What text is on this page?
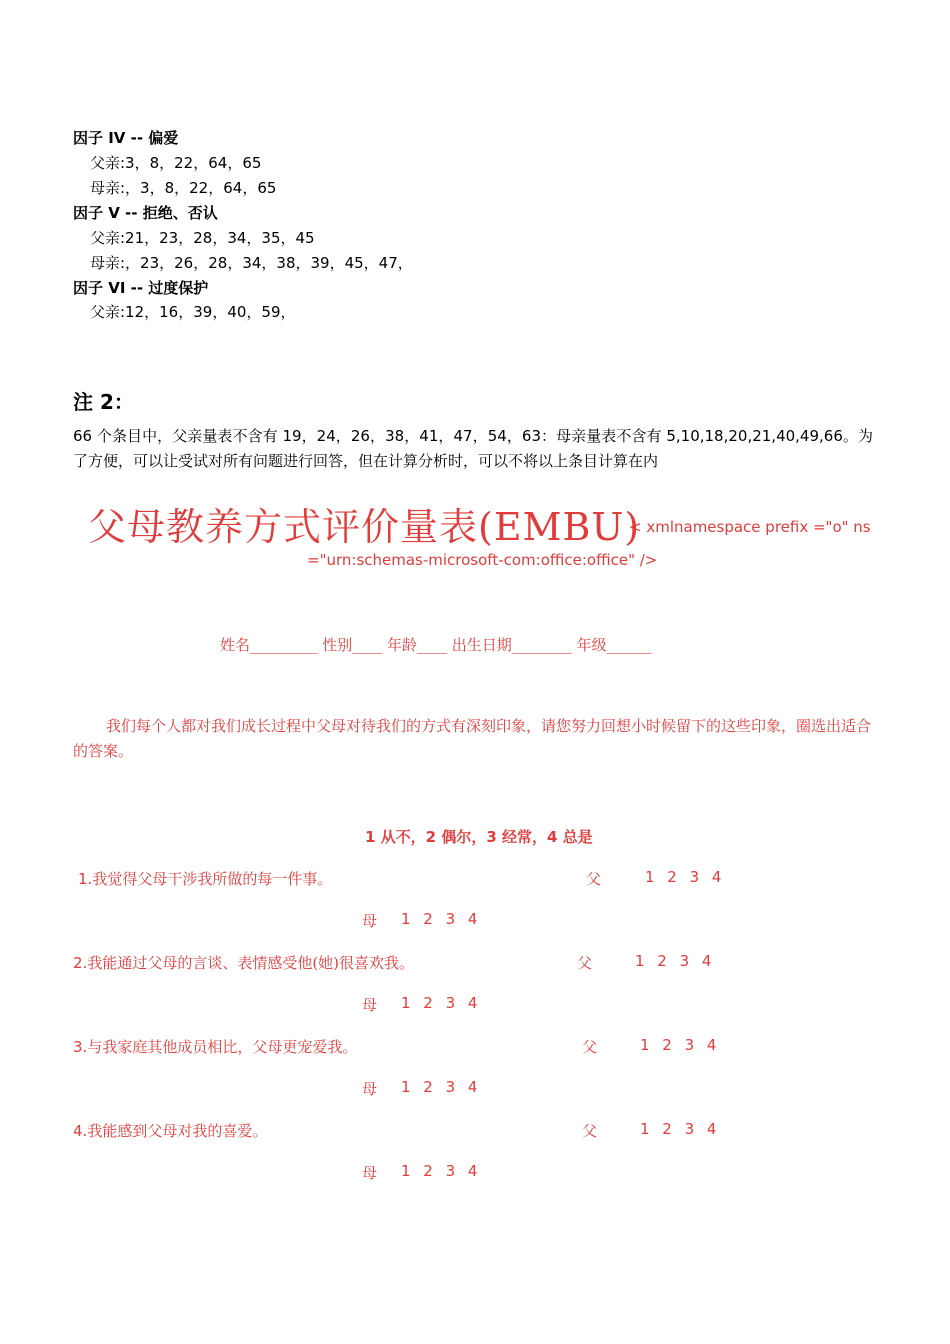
因子 IV -- 偏爱
父亲:3，8，22，64，65
母亲:，3，8，22，64，65
因子 V -- 拒绝、否认
父亲:21，23，28，34，35，45
母亲:，23，26，28，34，38，39，45，47，
因子 VI -- 过度保护
父亲:12，16，39，40，59，
注 2：
66 个条目中，父亲量表不含有 19，24，26，38，41，47，54，63：母亲量表不含有 5,10,18,20,21,40,49,66。为了方便，可以让受试对所有问题进行回答，但在计算分析时，可以不将以上条目计算在内
父母教养方式评价量表(EMBU)
< xmlnamespace prefix ="o" ns
="urn:schemas-microsoft-com:office:office" />
姓名_________ 性别____ 年龄____ 出生日期________ 年级______
我们每个人都对我们成长过程中父母对待我们的方式有深刻印象，请您努力回想小时候留下的这些印象，圈选出适合的答案。
1 从不，2 偶尔，3 经常，4 总是
1.我觉得父母干涉我所做的每一件事。	父	1 2 3 4
母 1 2 3 4
2.我能通过父母的言谈、表情感受他(她)很喜欢我。	父	1 2 3 4
母 1 2 3 4
3.与我家庭其他成员相比，父母更宠爱我。	父	1 2 3 4
母 1 2 3 4
4.我能感到父母对我的喜爱。	父	1 2 3 4
母 1 2 3 4
